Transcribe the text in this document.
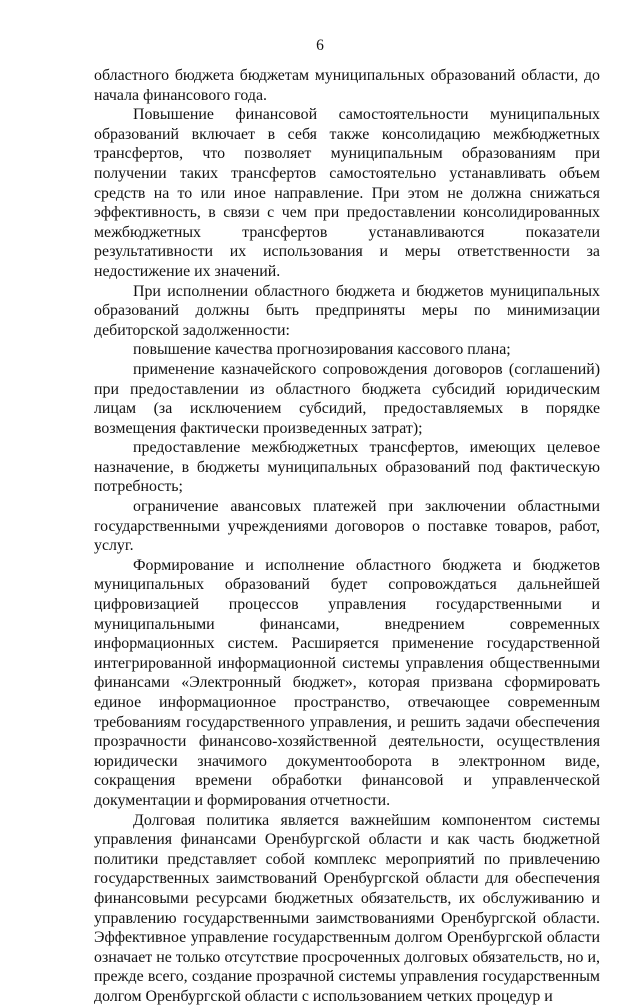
6

областного бюджета бюджетам муниципальных образований области, до начала финансового года.

Повышение финансовой самостоятельности муниципальных образований включает в себя также консолидацию межбюджетных трансфертов, что позволяет муниципальным образованиям при получении таких трансфертов самостоятельно устанавливать объем средств на то или иное направление. При этом не должна снижаться эффективность, в связи с чем при предоставлении консолидированных межбюджетных трансфертов устанавливаются показатели результативности их использования и меры ответственности за недостижение их значений.

При исполнении областного бюджета и бюджетов муниципальных образований должны быть предприняты меры по минимизации дебиторской задолженности:

повышение качества прогнозирования кассового плана;

применение казначейского сопровождения договоров (соглашений) при предоставлении из областного бюджета субсидий юридическим лицам (за исключением субсидий, предоставляемых в порядке возмещения фактически произведенных затрат);

предоставление межбюджетных трансфертов, имеющих целевое назначение, в бюджеты муниципальных образований под фактическую потребность;

ограничение авансовых платежей при заключении областными государственными учреждениями договоров о поставке товаров, работ, услуг.

Формирование и исполнение областного бюджета и бюджетов муниципальных образований будет сопровождаться дальнейшей цифровизацией процессов управления государственными и муниципальными финансами, внедрением современных информационных систем. Расширяется применение государственной интегрированной информационной системы управления общественными финансами «Электронный бюджет», которая призвана сформировать единое информационное пространство, отвечающее современным требованиям государственного управления, и решить задачи обеспечения прозрачности финансово-хозяйственной деятельности, осуществления юридически значимого документооборота в электронном виде, сокращения времени обработки финансовой и управленческой документации и формирования отчетности.

Долговая политика является важнейшим компонентом системы управления финансами Оренбургской области и как часть бюджетной политики представляет собой комплекс мероприятий по привлечению государственных заимствований Оренбургской области для обеспечения финансовыми ресурсами бюджетных обязательств, их обслуживанию и управлению государственными заимствованиями Оренбургской области. Эффективное управление государственным долгом Оренбургской области означает не только отсутствие просроченных долговых обязательств, но и, прежде всего, создание прозрачной системы управления государственным долгом Оренбургской области с использованием четких процедур и
